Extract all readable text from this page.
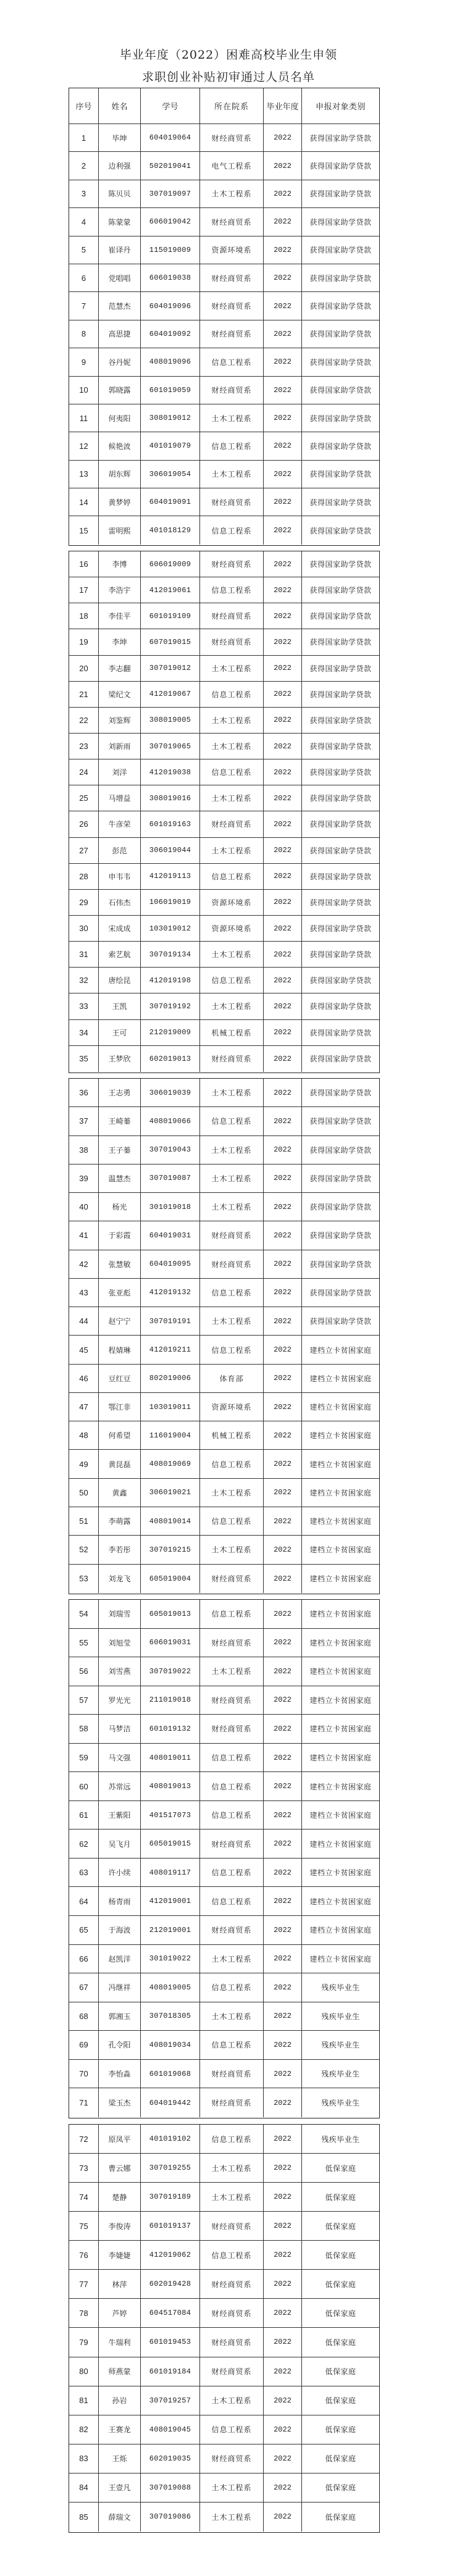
毕业年度（2022）困难高校毕业生申领
求职创业补贴初审通过人员名单
序号	姓名	学号	所在院系	毕业年度	申报对象类别
1	毕坤	604019064	财经商贸系	2022	获得国家助学贷款
2	边利强	502019041	电气工程系	2022	获得国家助学贷款
3	陈贝贝	307019097	土木工程系	2022	获得国家助学贷款
4	陈蒙蒙	606019042	财经商贸系	2022	获得国家助学贷款
5	崔译丹	115019009	资源环境系	2022	获得国家助学贷款
6	党唱唱	606019038	财经商贸系	2022	获得国家助学贷款
7	范慧杰	604019096	财经商贸系	2022	获得国家助学贷款
8	高思捷	604019092	财经商贸系	2022	获得国家助学贷款
9	谷丹妮	408019096	信息工程系	2022	获得国家助学贷款
10	郭晓露	601019059	财经商贸系	2022	获得国家助学贷款
11	何夷阳	308019012	土木工程系	2022	获得国家助学贷款
12	候艳波	401019079	信息工程系	2022	获得国家助学贷款
13	胡东辉	306019054	土木工程系	2022	获得国家助学贷款
14	黄梦婷	604019091	财经商贸系	2022	获得国家助学贷款
15	雷明熙	401018129	信息工程系	2022	获得国家助学贷款
16	李博	606019009	财经商贸系	2022	获得国家助学贷款
17	李浩宇	412019061	信息工程系	2022	获得国家助学贷款
18	李佳平	601019109	财经商贸系	2022	获得国家助学贷款
19	李坤	607019015	财经商贸系	2022	获得国家助学贷款
20	李志翻	307019012	土木工程系	2022	获得国家助学贷款
21	梁纪文	412019067	信息工程系	2022	获得国家助学贷款
22	刘鉴辉	308019005	土木工程系	2022	获得国家助学贷款
23	刘新雨	307019065	土木工程系	2022	获得国家助学贷款
24	刘洋	412019038	信息工程系	2022	获得国家助学贷款
25	马增益	308019016	土木工程系	2022	获得国家助学贷款
26	牛彦荣	601019163	财经商贸系	2022	获得国家助学贷款
27	彭范	306019044	土木工程系	2022	获得国家助学贷款
28	申韦韦	412019113	信息工程系	2022	获得国家助学贷款
29	石伟杰	106019019	资源环境系	2022	获得国家助学贷款
30	宋成成	103019012	资源环境系	2022	获得国家助学贷款
31	索艺航	307019134	土木工程系	2022	获得国家助学贷款
32	唐绘昆	412019198	信息工程系	2022	获得国家助学贷款
33	王凯	307019192	土木工程系	2022	获得国家助学贷款
34	王可	212019009	机械工程系	2022	获得国家助学贷款
35	王梦欣	602019013	财经商贸系	2022	获得国家助学贷款
36	王志勇	306019039	土木工程系	2022	获得国家助学贷款
37	王崎蓁	408019066	信息工程系	2022	获得国家助学贷款
38	王子蓁	307019043	土木工程系	2022	获得国家助学贷款
39	温慧杰	307019087	土木工程系	2022	获得国家助学贷款
40	杨光	301019018	土木工程系	2022	获得国家助学贷款
41	于彩霞	604019031	财经商贸系	2022	获得国家助学贷款
42	张慧敏	604019095	财经商贸系	2022	获得国家助学贷款
43	张亚彪	412019132	信息工程系	2022	获得国家助学贷款
44	赵宁宁	307019191	土木工程系	2022	获得国家助学贷款
45	程婧琳	412019211	信息工程系	2022	建档立卡贫困家庭
46	豆红豆	802019006	体育部	2022	建档立卡贫困家庭
47	鄂江非	103019011	资源环境系	2022	建档立卡贫困家庭
48	何希望	116019004	机械工程系	2022	建档立卡贫困家庭
49	黄昆磊	408019069	信息工程系	2022	建档立卡贫困家庭
50	黄鑫	306019021	土木工程系	2022	建档立卡贫困家庭
51	李萌露	408019014	信息工程系	2022	建档立卡贫困家庭
52	李若彤	307019215	土木工程系	2022	建档立卡贫困家庭
53	刘龙飞	605019004	财经商贸系	2022	建档立卡贫困家庭
54	刘瑞雪	605019013	信息工程系	2022	建档立卡贫困家庭
55	刘旭莹	606019031	财经商贸系	2022	建档立卡贫困家庭
56	刘雪燕	307019022	土木工程系	2022	建档立卡贫困家庭
57	罗光光	211019018	财经商贸系	2022	建档立卡贫困家庭
58	马梦洁	601019132	财经商贸系	2022	建档立卡贫困家庭
59	马文强	408019011	信息工程系	2022	建档立卡贫困家庭
60	苏常远	408019013	信息工程系	2022	建档立卡贫困家庭
61	王紫阳	401517073	信息工程系	2022	建档立卡贫困家庭
62	吴飞月	605019015	财经商贸系	2022	建档立卡贫困家庭
63	许小续	408019117	信息工程系	2022	建档立卡贫困家庭
64	杨青雨	412019001	信息工程系	2022	建档立卡贫困家庭
65	于海波	212019001	财经商贸系	2022	建档立卡贫困家庭
66	赵凯洋	301019022	土木工程系	2022	建档立卡贫困家庭
67	冯继祥	408019005	信息工程系	2022	残疾毕业生
68	郭湘玉	307018305	土木工程系	2022	残疾毕业生
69	孔令阳	408019034	信息工程系	2022	残疾毕业生
70	李怡淼	601019068	财经商贸系	2022	残疾毕业生
71	梁玉杰	604019442	财经商贸系	2022	残疾毕业生
72	原凤平	401019102	信息工程系	2022	残疾毕业生
73	曹云娜	307019255	土木工程系	2022	低保家庭
74	楚静	307019189	土木工程系	2022	低保家庭
75	李俊涛	601019137	财经商贸系	2022	低保家庭
76	李婕婕	412019062	信息工程系	2022	低保家庭
77	林萍	602019428	财经商贸系	2022	低保家庭
78	芦婷	604517084	财经商贸系	2022	低保家庭
79	牛瑞利	601019453	财经商贸系	2022	低保家庭
80	师燕蒙	601019184	财经商贸系	2022	低保家庭
81	孙岩	307019257	土木工程系	2022	低保家庭
82	王赛龙	408019045	信息工程系	2022	低保家庭
83	王烁	602019035	财经商贸系	2022	低保家庭
84	王壹凡	307019088	土木工程系	2022	低保家庭
85	薛瑞文	307019086	土木工程系	2022	低保家庭
